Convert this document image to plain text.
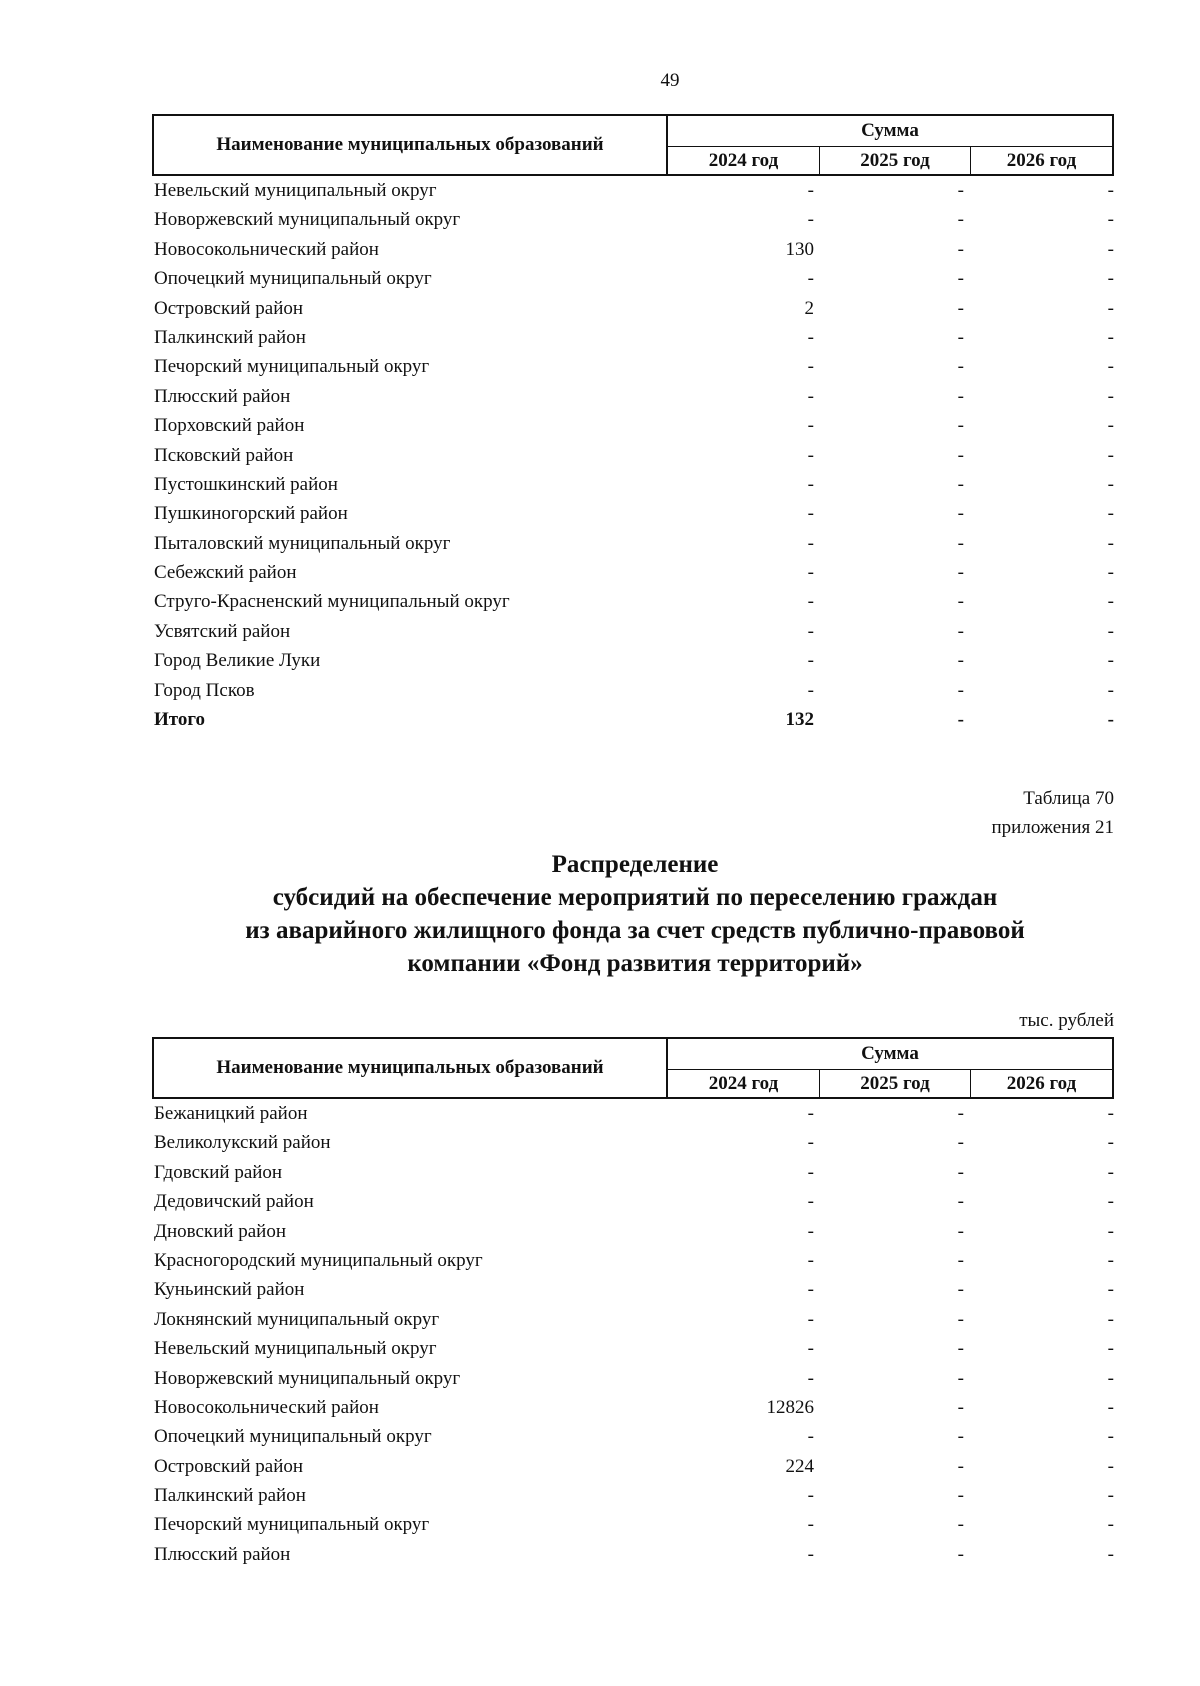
49
Наименование муниципальных образований
Сумма
2024 год	2025 год	2026 год
Невельский муниципальный округ	-	-	-
Новоржевский муниципальный округ	-	-	-
Новосокольнический район	130	-	-
Опочецкий муниципальный округ	-	-	-
Островский район	2	-	-
Палкинский район	-	-	-
Печорский муниципальный округ	-	-	-
Плюсский район	-	-	-
Порховский район	-	-	-
Псковский район	-	-	-
Пустошкинский район	-	-	-
Пушкиногорский район	-	-	-
Пыталовский муниципальный округ	-	-	-
Себежский район	-	-	-
Струго-Красненский муниципальный округ	-	-	-
Усвятский район	-	-	-
Город Великие Луки	-	-	-
Город Псков	-	-	-
Итого	132	-	-
Таблица 70
приложения 21
Распределение
субсидий на обеспечение мероприятий по переселению граждан
из аварийного жилищного фонда за счет средств публично-правовой
компании «Фонд развития территорий»
тыс. рублей
Наименование муниципальных образований
Сумма
2024 год	2025 год	2026 год
Бежаницкий район	-	-	-
Великолукский район	-	-	-
Гдовский район	-	-	-
Дедовичский район	-	-	-
Дновский район	-	-	-
Красногородский муниципальный округ	-	-	-
Куньинский район	-	-	-
Локнянский муниципальный округ	-	-	-
Невельский муниципальный округ	-	-	-
Новоржевский муниципальный округ	-	-	-
Новосокольнический район	12826	-	-
Опочецкий муниципальный округ	-	-	-
Островский район	224	-	-
Палкинский район	-	-	-
Печорский муниципальный округ	-	-	-
Плюсский район	-	-	-
